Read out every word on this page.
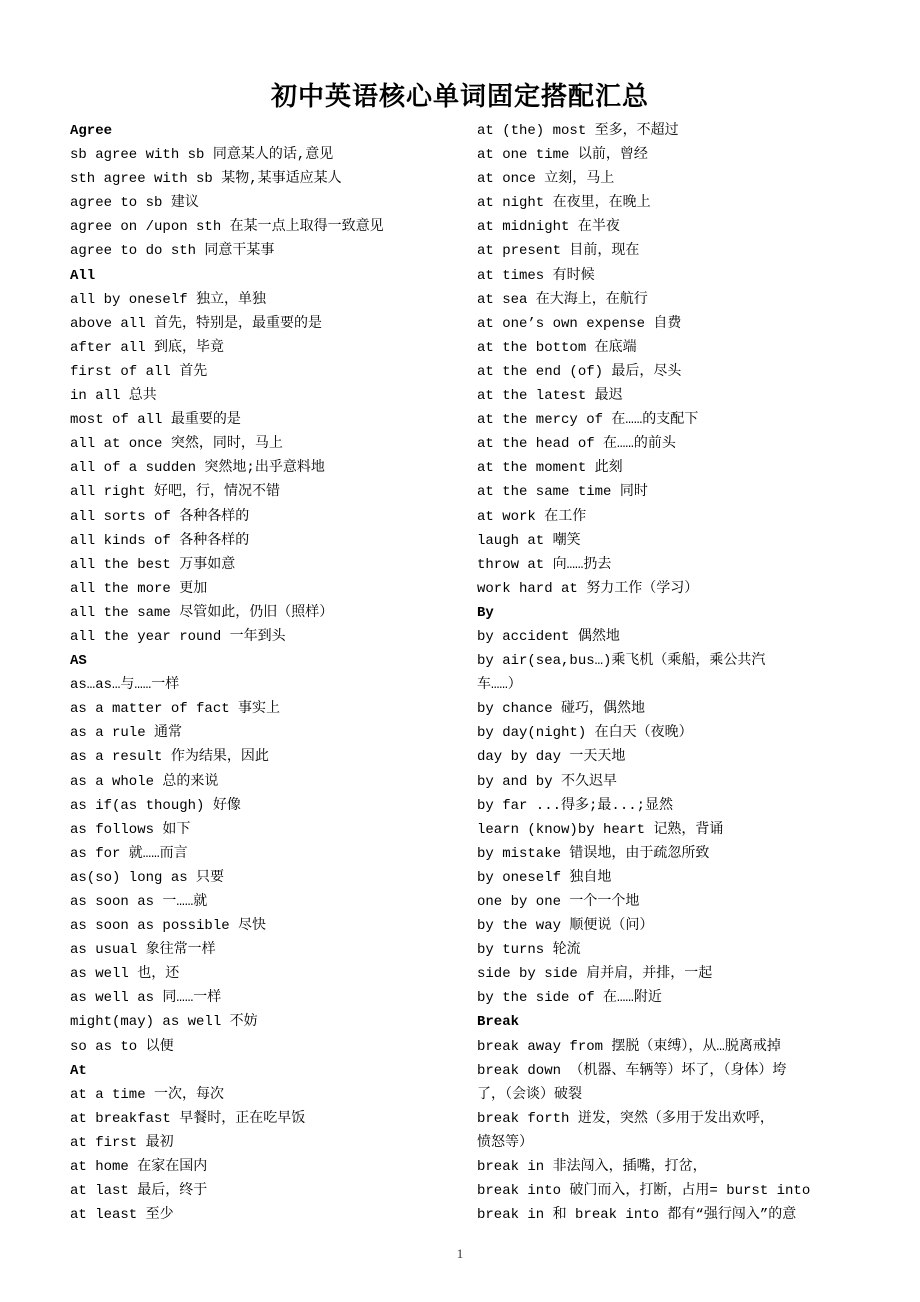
初中英语核心单词固定搭配汇总
Agree
sb agree with sb 同意某人的话,意见
sth agree with sb 某物,某事适应某人
agree to sb 建议
agree on /upon sth 在某一点上取得一致意见
agree to do sth 同意干某事
All
all by oneself 独立，单独
above all 首先，特别是，最重要的是
after all 到底，毕竟
first of all 首先
in all 总共
most of all 最重要的是
all at once 突然，同时，马上
all of a sudden 突然地;出乎意料地
all right 好吧，行，情况不错
all sorts of 各种各样的
all kinds of 各种各样的
all the best 万事如意
all the more 更加
all the same 尽管如此，仍旧（照样）
all the year round 一年到头
AS
as…as…与……一样
as a matter of fact 事实上
as a rule 通常
as a result 作为结果，因此
as a whole 总的来说
as if(as though) 好像
as follows 如下
as for 就……而言
as(so) long as 只要
as soon as 一……就
as soon as possible 尽快
as usual 象往常一样
as well 也，还
as well as 同……一样
might(may) as well 不妨
so as to 以便
At
at a time 一次，每次
at breakfast 早餐时，正在吃早饭
at first 最初
at home 在家在国内
at last 最后，终于
at least 至少
at (the) most 至多，不超过
at one time 以前，曾经
at once 立刻，马上
at night 在夜里，在晚上
at midnight 在半夜
at present 目前，现在
at times 有时候
at sea 在大海上，在航行
at one’s own expense 自费
at the bottom 在底端
at the end (of) 最后，尽头
at the latest 最迟
at the mercy of 在……的支配下
at the head of 在……的前头
at the moment 此刻
at the same time 同时
at work 在工作
laugh at 嘲笑
throw at 向……扔去
work hard at 努力工作（学习）
By
by accident 偶然地
by air(sea,bus…)乘飞机（乘船，乘公共汽
车……）
by chance 碰巧，偶然地
by day(night) 在白天（夜晚）
day by day 一天天地
by and by 不久迟早
by far ...得多;最...;显然
learn (know)by heart 记熟，背诵
by mistake 错误地，由于疏忽所致
by oneself 独自地
one by one 一个一个地
by the way 顺便说（问）
by turns 轮流
side by side 肩并肩，并排，一起
by the side of 在……附近
Break
break away from 摆脱（束缚），从…脱离戒掉
break down （机器、车辆等）坏了，（身体）垮
了，（会谈）破裂
break forth 迸发，突然（多用于发出欢呼，
愤怒等）
break in 非法闯入，插嘴，打岔，
break into 破门而入，打断，占用= burst into
break in 和 break into 都有“强行闯入”的意
1
